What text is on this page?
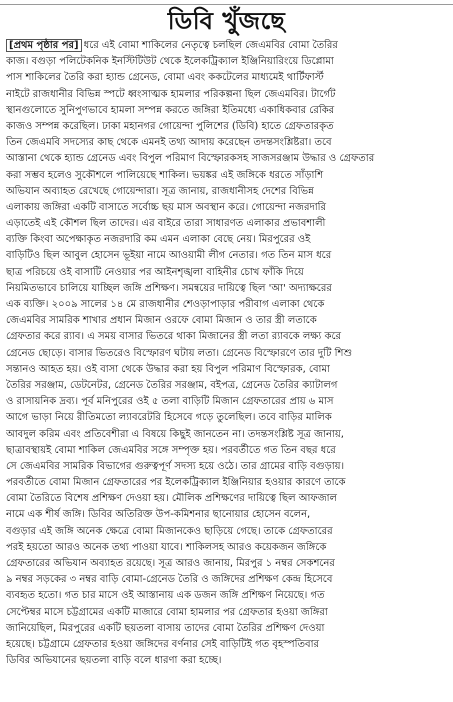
ডিবি খুঁজছে
[প্রথম পৃষ্ঠার পর] ধরে এই বোমা শাকিলের নেতৃত্বে চলছিল জেএমবির বোমা তৈরির
কাজ। বগুড়া পলিটেকনিক ইনস্টিটিউট থেকে ইলেকট্রিক্যাল ইঞ্জিনিয়ারিংয়ে ডিপ্লোমা
পাস শাকিলের তৈরি করা হ্যান্ড গ্রেনেড, বোমা এবং ককটেলের মাধ্যমেই থার্টিফার্স্ট
নাইটে রাজধানীর বিভিন্ন স্পটে ধ্বংসাত্মক হামলার পরিকল্পনা ছিল জেএমবির। টার্গেট
স্থানগুলোতে সুনিপুণভাবে হামলা সম্পন্ন করতে জঙ্গিরা ইতিমধ্যে একাধিকবার রেকির
কাজও সম্পন্ন করেছিল। ঢাকা মহানগর গোয়েন্দা পুলিশের (ডিবি) হাতে গ্রেফতারকৃত
তিন জেএমবি সদস্যের কাছ থেকে এমনই তথ্য আদায় করেছেন তদন্তসংশ্লিষ্টরা। তবে
আস্তানা থেকে হ্যান্ড গ্রেনেড এবং বিপুল পরিমাণ বিস্ফোরকসহ সাজসরঞ্জাম উদ্ধার ও গ্রেফতার
করা সম্ভব হলেও সুকৌশলে পালিয়েছে শাকিল। ভয়ঙ্কর এই জঙ্গিকে ধরতে সাঁড়াশি
অভিযান অব্যাহত রেখেছে গোয়েন্দারা। সূত্র জানায়, রাজধানীসহ দেশের বিভিন্ন
এলাকায় জঙ্গিরা একটি বাসাতে সর্বোচ্চ ছয় মাস অবস্থান করে। গোয়েন্দা নজরদারি
এড়াতেই এই কৌশল ছিল তাদের। এর বাইরে তারা সাধারণত এলাকার প্রভাবশালী
ব্যক্তি কিংবা অপেক্ষাকৃত নজরদারি কম এমন এলাকা বেছে নেয়। মিরপুরের ওই
বাড়িটিও ছিল আবুল হোসেন ভূইয়া নামে আওয়ামী লীগ নেতার। গত তিন মাস ধরে
ছাত্র পরিচয়ে ওই বাসাটি নেওয়ার পর আইনশৃঙ্খলা বাহিনীর চোখ ফাঁকি দিয়ে
নিয়মিতভাবে চালিয়ে যাচ্ছিল জঙ্গি প্রশিক্ষণ। সমন্বয়ের দায়িত্বে ছিল 'আ' অদ্যাক্ষরের
এক ব্যক্তি। ২০০৯ সালের ১৪ মে রাজধানীর শেওড়াপাড়ার পরীবাগ এলাকা থেকে
জেএমবির সামরিক শাখার প্রধান মিজান ওরফে বোমা মিজান ও তার স্ত্রী লতাকে
গ্রেফতার করে র‌্যাব। এ সময় বাসার ভিতরে থাকা মিজানের স্ত্রী লতা র‌্যাবকে লক্ষ্য করে
গ্রেনেড ছোড়ে। বাসার ভিতরেও বিস্ফোরণ ঘটায় লতা। গ্রেনেড বিস্ফোরণে তার দুটি শিশু
সন্তানও আহত হয়। ওই বাসা থেকে উদ্ধার করা হয় বিপুল পরিমাণ বিস্ফোরক, বোমা
তৈরির সরঞ্জাম, ডেটনেটর, গ্রেনেড তৈরির সরঞ্জাম, বইপত্র, গ্রেনেড তৈরির ক্যাটালগ
ও রাসায়নিক দ্রব্য। পূর্ব মনিপুরের ওই ৫ তলা বাড়িটি মিজান গ্রেফতারের প্রায় ৬ মাস
আগে ভাড়া নিয়ে রীতিমতো ল্যাবরেটরি হিসেবে গড়ে তুলেছিল। তবে বাড়ির মালিক
আবদুল করিম এবং প্রতিবেশীরা এ বিষয়ে কিছুই জানতেন না। তদন্তসংশ্লিষ্ট সূত্র জানায়,
ছাত্রাবস্থায়ই বোমা শাকিল জেএমবির সঙ্গে সম্পৃক্ত হয়। পরবর্তীতে গত তিন বছর ধরে
সে জেএমবির সামরিক বিভাগের গুরুত্বপূর্ণ সদস্য হয়ে ওঠে। তার গ্রামের বাড়ি বগুড়ায়।
পরবর্তীতে বোমা মিজান গ্রেফতারের পর ইলেকট্রিক্যাল ইঞ্জিনিয়ার হওয়ার কারণে তাকে
বোমা তৈরিতে বিশেষ প্রশিক্ষণ দেওয়া হয়। মৌলিক প্রশিক্ষণের দায়িত্বে ছিল আফজাল
নামে এক শীর্ষ জঙ্গি। ডিবির অতিরিক্ত উপ-কমিশনার ছানোয়ার হোসেন বলেন,
বগুড়ার এই জঙ্গি অনেক ক্ষেত্রে বোমা মিজানকেও ছাড়িয়ে গেছে। তাকে গ্রেফতারের
পরই হয়তো আরও অনেক তথ্য পাওয়া যাবে। শাকিলসহ আরও কয়েকজন জঙ্গিকে
গ্রেফতারের অভিযান অব্যাহত রয়েছে। সূত্র আরও জানায়, মিরপুর ১ নম্বর সেকশনের
৯ নম্বর সড়কের ৩ নম্বর বাড়ি বোমা-গ্রেনেড তৈরি ও জঙ্গিদের প্রশিক্ষণ কেন্দ্র হিসেবে
ব্যবহৃত হতো। গত চার মাসে ওই আস্তানায় এক ডজন জঙ্গি প্রশিক্ষণ নিয়েছে। গত
সেপ্টেম্বর মাসে চট্টগ্রামের একটি মাজারে বোমা হামলার পর গ্রেফতার হওয়া জঙ্গিরা
জানিয়েছিল, মিরপুরের একটি ছয়তলা বাসায় তাদের বোমা তৈরির প্রশিক্ষণ দেওয়া
হয়েছে। চট্টগ্রামে গ্রেফতার হওয়া জঙ্গিদের বর্ণনার সেই বাড়িটিই গত বৃহস্পতিবার
ডিবির অভিযানের ছয়তলা বাড়ি বলে ধারণা করা হচ্ছে।
